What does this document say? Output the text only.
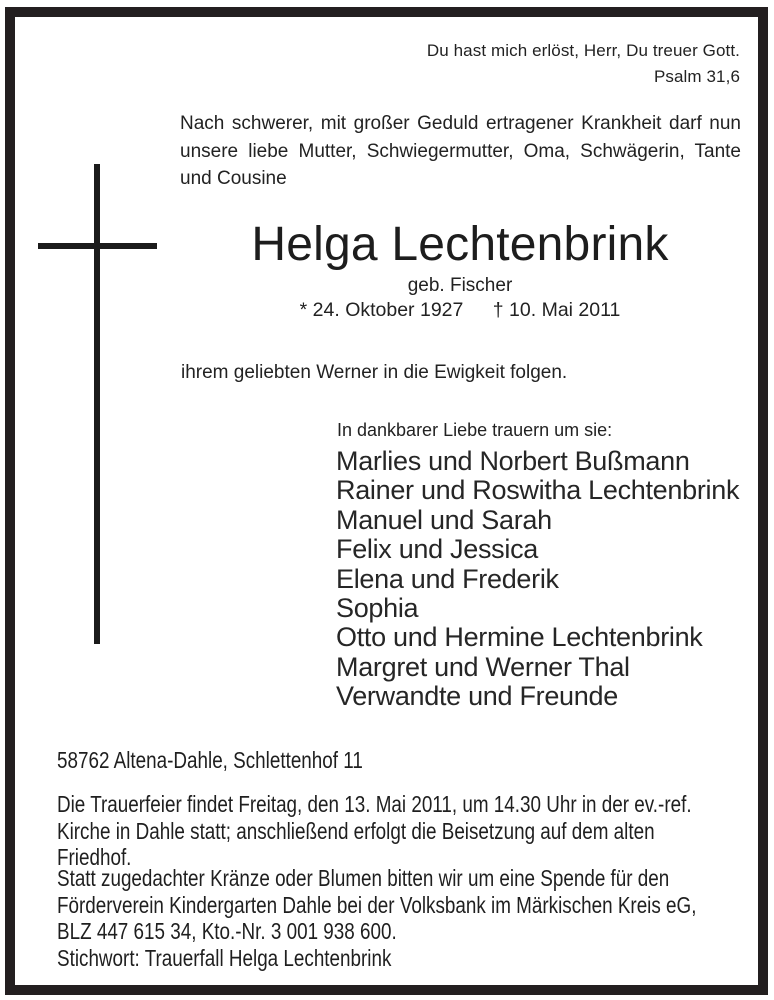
Du hast mich erlöst, Herr, Du treuer Gott.
Psalm 31,6
Nach schwerer, mit großer Geduld ertragener Krankheit darf nun
unsere liebe Mutter, Schwiegermutter, Oma, Schwägerin, Tante
und Cousine
Helga Lechtenbrink
geb. Fischer
* 24. Oktober 1927 † 10. Mai 2011
ihrem geliebten Werner in die Ewigkeit folgen.
In dankbarer Liebe trauern um sie:
Marlies und Norbert Bußmann
Rainer und Roswitha Lechtenbrink
Manuel und Sarah
Felix und Jessica
Elena und Frederik
Sophia
Otto und Hermine Lechtenbrink
Margret und Werner Thal
Verwandte und Freunde
58762 Altena-Dahle, Schlettenhof 11
Die Trauerfeier findet Freitag, den 13. Mai 2011, um 14.30 Uhr in der ev.-ref.
Kirche in Dahle statt; anschließend erfolgt die Beisetzung auf dem alten
Friedhof.
Statt zugedachter Kränze oder Blumen bitten wir um eine Spende für den
Förderverein Kindergarten Dahle bei der Volksbank im Märkischen Kreis eG,
BLZ 447 615 34, Kto.-Nr. 3 001 938 600.
Stichwort: Trauerfall Helga Lechtenbrink
